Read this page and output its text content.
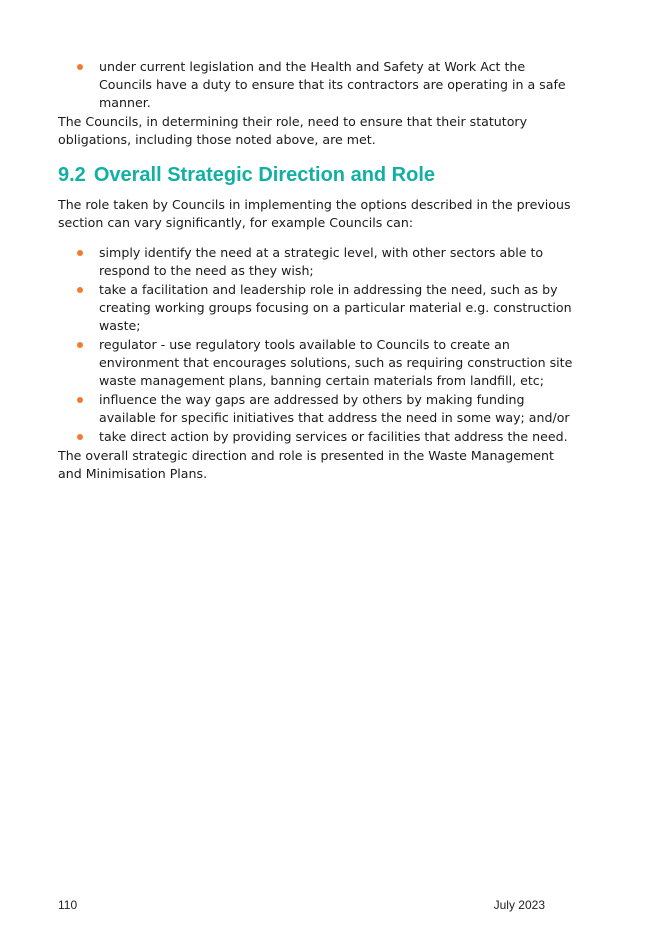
under current legislation and the Health and Safety at Work Act the Councils have a duty to ensure that its contractors are operating in a safe manner.

The Councils, in determining their role, need to ensure that their statutory obligations, including those noted above, are met.

9.2 Overall Strategic Direction and Role

The role taken by Councils in implementing the options described in the previous section can vary significantly, for example Councils can:

simply identify the need at a strategic level, with other sectors able to respond to the need as they wish;
take a facilitation and leadership role in addressing the need, such as by creating working groups focusing on a particular material e.g. construction waste;
regulator - use regulatory tools available to Councils to create an environment that encourages solutions, such as requiring construction site waste management plans, banning certain materials from landfill, etc;
influence the way gaps are addressed by others by making funding available for specific initiatives that address the need in some way; and/or
take direct action by providing services or facilities that address the need.

The overall strategic direction and role is presented in the Waste Management and Minimisation Plans.

110	July 2023
